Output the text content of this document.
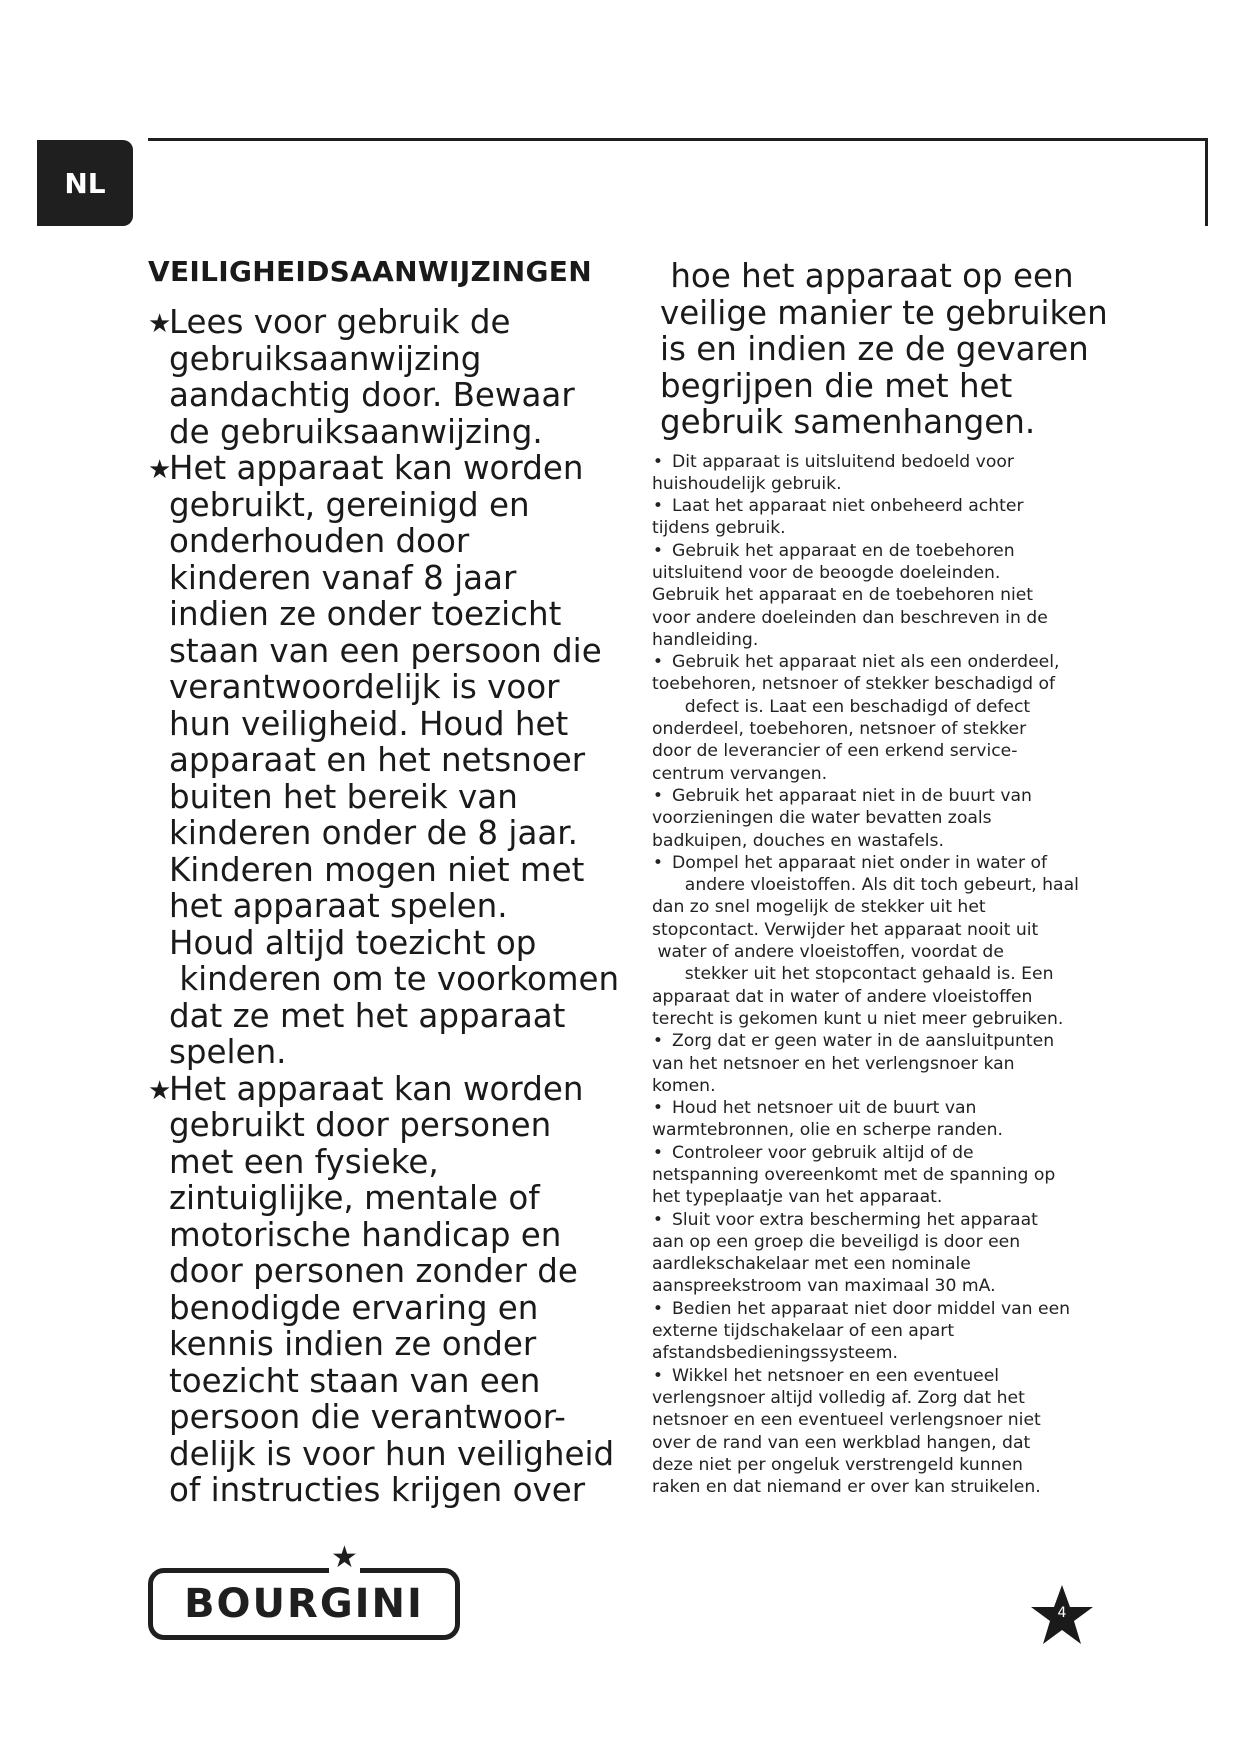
NL
VEILIGHEIDSAANWIJZINGEN
★
Lees voor gebruik de
gebruiksaanwijzing
aandachtig door. Bewaar
de gebruiksaanwijzing.
★
Het apparaat kan worden
gebruikt, gereinigd en
onderhouden door
kinderen vanaf 8 jaar
indien ze onder toezicht
staan van een persoon die
verantwoordelijk is voor
hun veiligheid. Houd het
apparaat en het netsnoer
buiten het bereik van
kinderen onder de 8 jaar.
Kinderen mogen niet met
het apparaat spelen.
Houd altijd toezicht op
kinderen om te voorkomen
dat ze met het apparaat
spelen.
★
Het apparaat kan worden
gebruikt door personen
met een fysieke,
zintuiglijke, mentale of
motorische handicap en
door personen zonder de
benodigde ervaring en
kennis indien ze onder
toezicht staan van een
persoon die verantwoor-
delijk is voor hun veiligheid
of instructies krijgen over
hoe het apparaat op een
veilige manier te gebruiken
is en indien ze de gevaren
begrijpen die met het
gebruik samenhangen.
• Dit apparaat is uitsluitend bedoeld voor
huishoudelijk gebruik.
• Laat het apparaat niet onbeheerd achter
tijdens gebruik.
• Gebruik het apparaat en de toebehoren
uitsluitend voor de beoogde doeleinden.
Gebruik het apparaat en de toebehoren niet
voor andere doeleinden dan beschreven in de
handleiding.
• Gebruik het apparaat niet als een onderdeel,
toebehoren, netsnoer of stekker beschadigd of
defect is. Laat een beschadigd of defect
onderdeel, toebehoren, netsnoer of stekker
door de leverancier of een erkend service-
centrum vervangen.
• Gebruik het apparaat niet in de buurt van
voorzieningen die water bevatten zoals
badkuipen, douches en wastafels.
• Dompel het apparaat niet onder in water of
andere vloeistoffen. Als dit toch gebeurt, haal
dan zo snel mogelijk de stekker uit het
stopcontact. Verwijder het apparaat nooit uit
water of andere vloeistoffen, voordat de
stekker uit het stopcontact gehaald is. Een
apparaat dat in water of andere vloeistoffen
terecht is gekomen kunt u niet meer gebruiken.
• Zorg dat er geen water in de aansluitpunten
van het netsnoer en het verlengsnoer kan
komen.
• Houd het netsnoer uit de buurt van
warmtebronnen, olie en scherpe randen.
• Controleer voor gebruik altijd of de
netspanning overeenkomt met de spanning op
het typeplaatje van het apparaat.
• Sluit voor extra bescherming het apparaat
aan op een groep die beveiligd is door een
aardlekschakelaar met een nominale
aanspreekstroom van maximaal 30 mA.
• Bedien het apparaat niet door middel van een
externe tijdschakelaar of een apart
afstandsbedieningssysteem.
• Wikkel het netsnoer en een eventueel
verlengsnoer altijd volledig af. Zorg dat het
netsnoer en een eventueel verlengsnoer niet
over de rand van een werkblad hangen, dat
deze niet per ongeluk verstrengeld kunnen
raken en dat niemand er over kan struikelen.
★
BOURGINI	4
